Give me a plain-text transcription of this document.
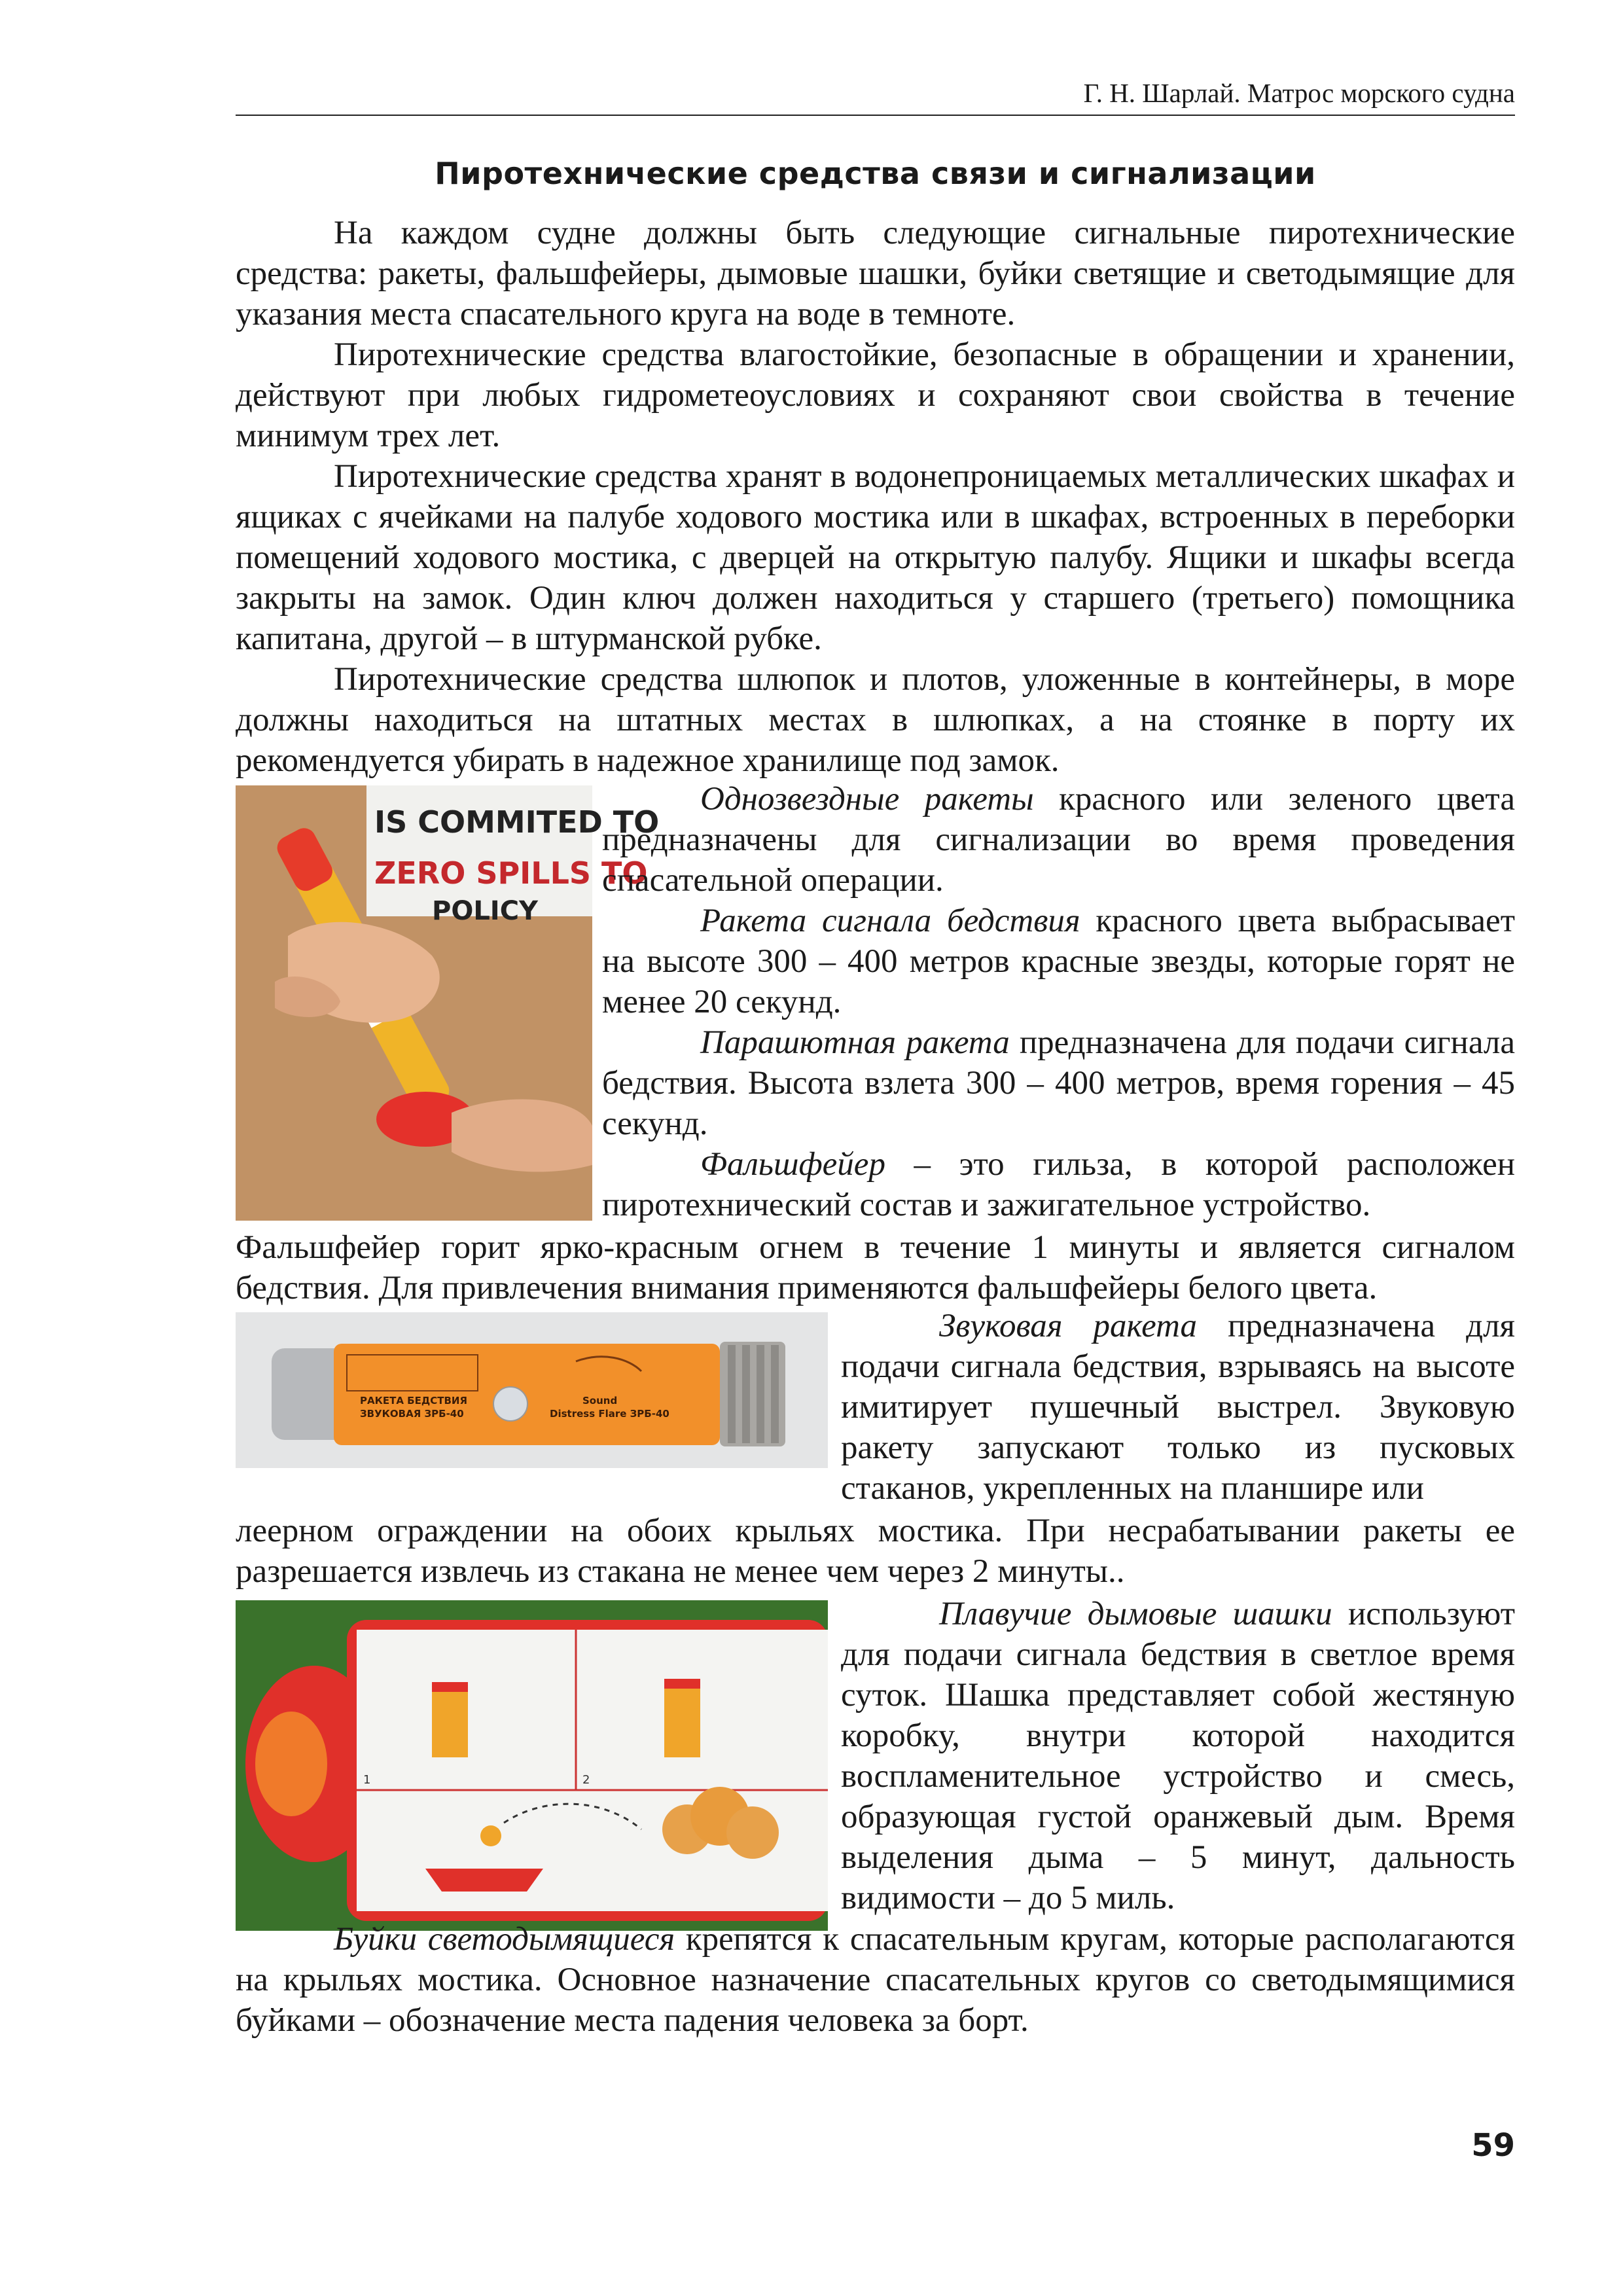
Г. Н. Шарлай. Матрос морского судна
Пиротехнические средства связи и сигнализации

На каждом судне должны быть следующие сигнальные пиротехнические средства: ракеты, фальшфейеры, дымовые шашки, буйки светящие и светодымящие для указания места спасательного круга на воде в темноте.

Пиротехнические средства влагостойкие, безопасные в обращении и хранении, действуют при любых гидрометеоусловиях и сохраняют свои свойства в течение минимум трех лет.

Пиротехнические средства хранят в водонепроницаемых металлических шкафах и ящиках с ячейками на палубе ходового мостика или в шкафах, встроенных в переборки помещений ходового мостика, с дверцей на открытую палубу. Ящики и шкафы всегда закрыты на замок. Один ключ должен находиться у старшего (третьего) помощника капитана, другой – в штурманской рубке.

Пиротехнические средства шлюпок и плотов, уложенные в контейнеры, в море должны находиться на штатных местах в шлюпках, а на стоянке в порту их рекомендуется убирать в надежное хранилище под замок.

IS COMMITED TO
ZERO SPILLS TO
POLICY

Однозвездные ракеты красного или зеленого цвета предназначены для сигнализации во время проведения спасательной операции.

Ракета сигнала бедствия красного цвета выбрасывает на высоте 300 – 400 метров красные звезды, которые горят не менее 20 секунд.

Парашютная ракета предназначена для подачи сигнала бедствия. Высота взлета 300 – 400 метров, время горения – 45 секунд.

Фальшфейер – это гильза, в которой расположен пиротехнический состав и зажигательное устройство.

Фальшфейер горит ярко-красным огнем в течение 1 минуты и является сигналом бедствия. Для привлечения внимания применяются фальшфейеры белого цвета.

РАКЕТА БЕДСТВИЯ
ЗВУКОВАЯ ЗРБ-40
Sound
Distress Flare ЗРБ-40

Звуковая ракета предназначена для подачи сигнала бедствия, взрываясь на высоте имитирует пушечный выстрел. Звуковую ракету запускают только из пусковых стаканов, укрепленных на планшире или

леерном ограждении на обоих крыльях мостика. При несрабатывании ракеты ее разрешается извлечь из стакана не менее чем через 2 минуты..

1	2

Плавучие дымовые шашки используют для подачи сигнала бедствия в светлое время суток. Шашка представляет собой жестяную коробку, внутри которой находится воспламенительное устройство и смесь, образующая густой оранжевый дым. Время выделения дыма – 5 минут, дальность видимости – до 5 миль.

Буйки светодымящиеся крепятся к спасательным кругам, которые располагаются на крыльях мостика. Основное назначение спасательных кругов со светодымящимися буйками – обозначение места падения человека за борт.

59
